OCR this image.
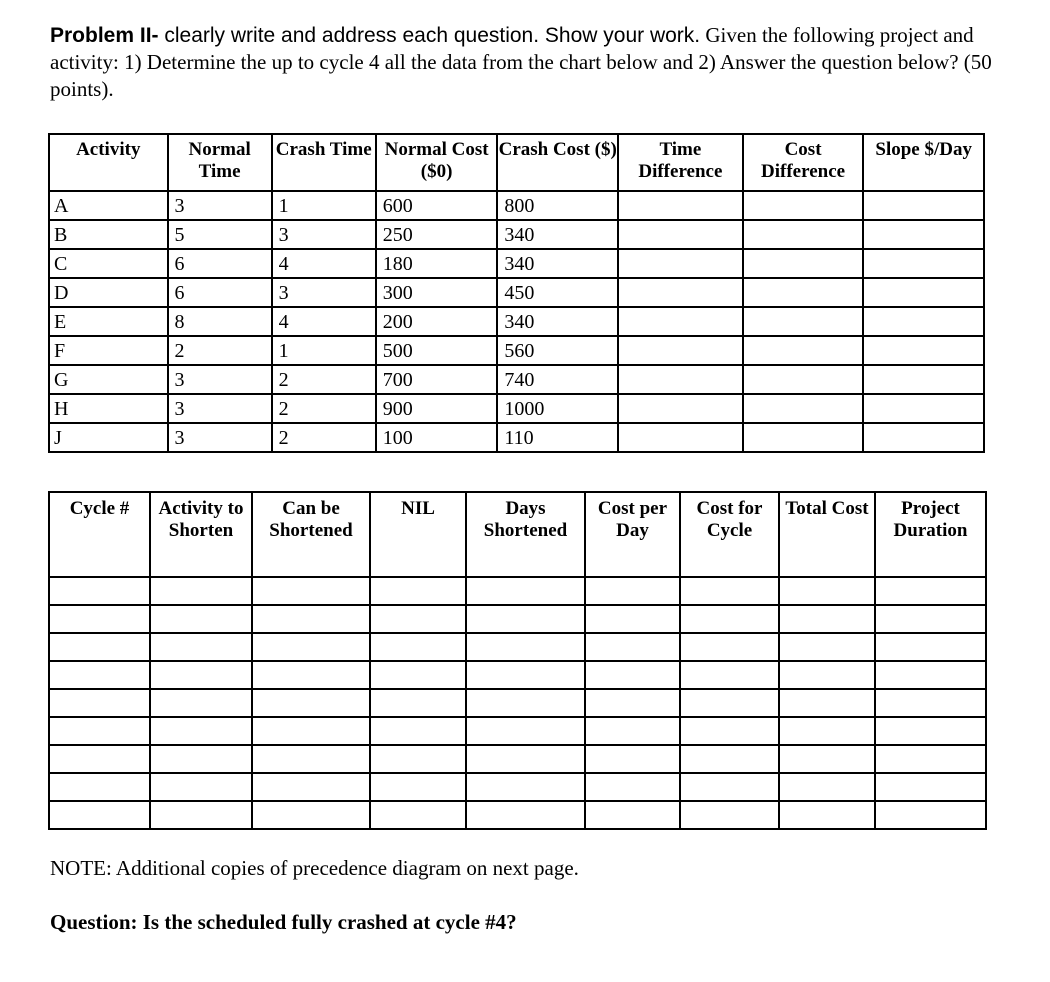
Problem II- clearly write and address each question. Show your work. Given the following project and activity: 1) Determine the up to cycle 4 all the data from the chart below and 2) Answer the question below? (50 points).
Activity	Normal Time	Crash Time	Normal Cost ($0)	Crash Cost ($)	Time Difference	Cost Difference	Slope $/Day
A	3	1	600	800			
B	5	3	250	340			
C	6	4	180	340			
D	6	3	300	450			
E	8	4	200	340			
F	2	1	500	560			
G	3	2	700	740			
H	3	2	900	1000			
J	3	2	100	110			
Cycle #	Activity to Shorten	Can be Shortened	NIL	Days Shortened	Cost per Day	Cost for Cycle	Total Cost	Project Duration

NOTE: Additional copies of precedence diagram on next page.
Question: Is the scheduled fully crashed at cycle #4?
